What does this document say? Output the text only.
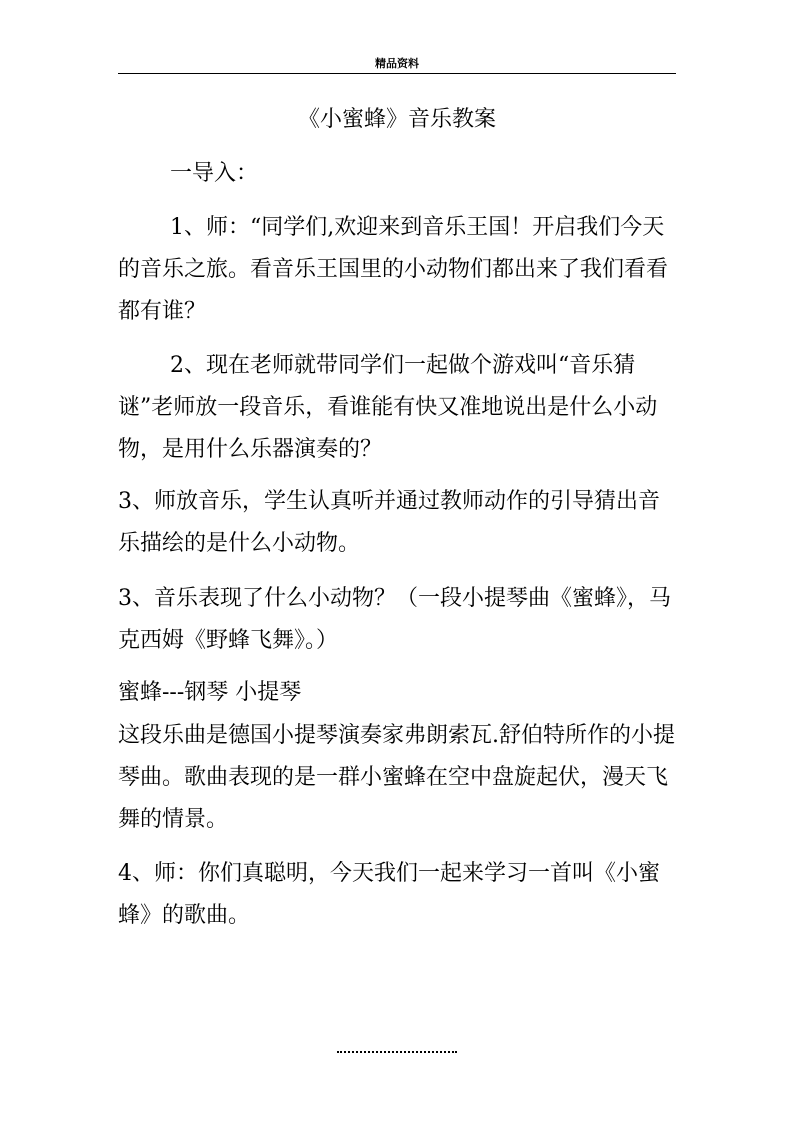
精品资料
《小蜜蜂》音乐教案

一导入：

1、师：“同学们,欢迎来到音乐王国！开启我们今天的音乐之旅。看音乐王国里的小动物们都出来了我们看看都有谁？

2、现在老师就带同学们一起做个游戏叫“音乐猜谜”老师放一段音乐，看谁能有快又准地说出是什么小动物，是用什么乐器演奏的？

3、师放音乐，学生认真听并通过教师动作的引导猜出音乐描绘的是什么小动物。

3、音乐表现了什么小动物？（一段小提琴曲《蜜蜂》，马克西姆《野蜂飞舞》。）

蜜蜂---钢琴 小提琴

这段乐曲是德国小提琴演奏家弗朗索瓦.舒伯特所作的小提琴曲。歌曲表现的是一群小蜜蜂在空中盘旋起伏，漫天飞舞的情景。

4、师：你们真聪明，今天我们一起来学习一首叫《小蜜蜂》的歌曲。
